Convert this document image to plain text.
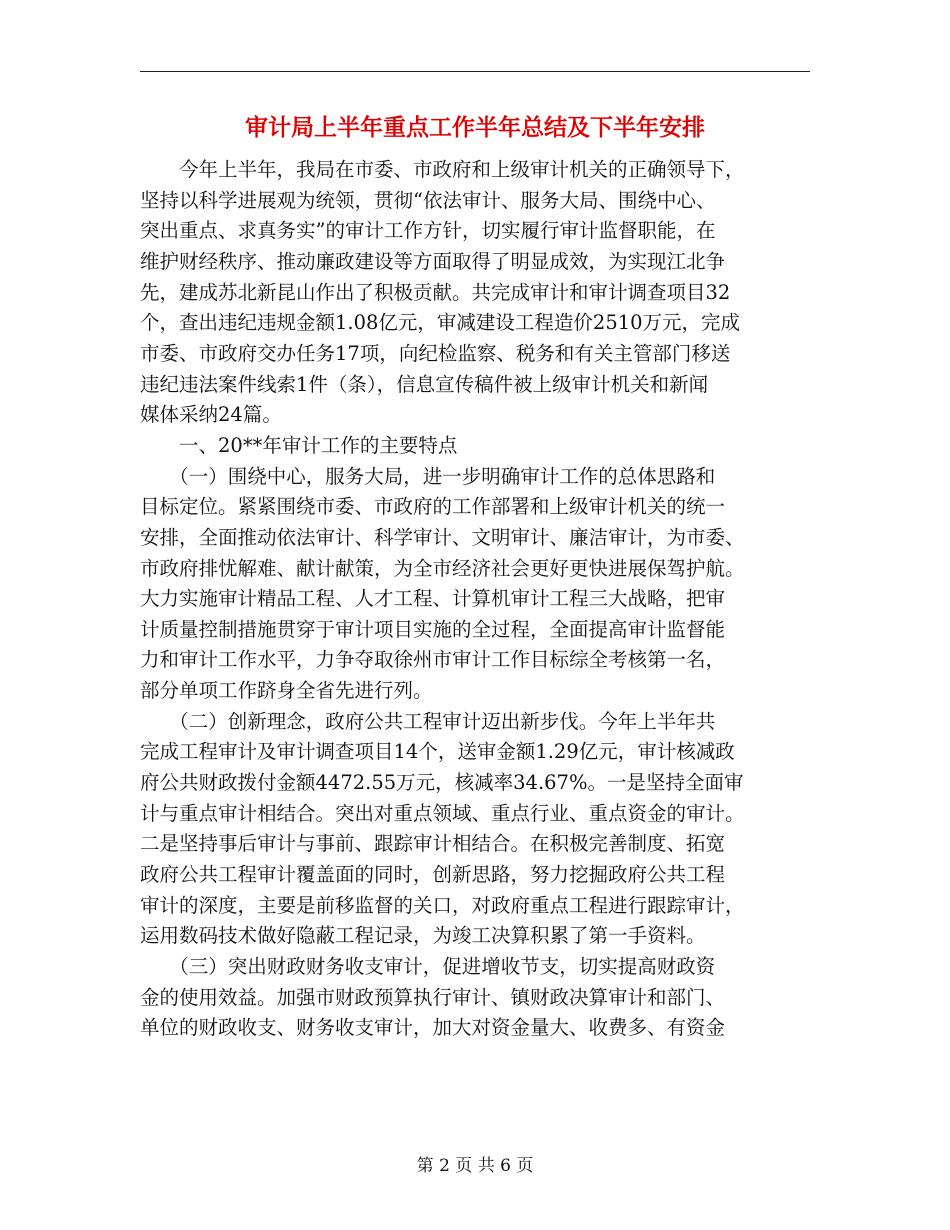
审计局上半年重点工作半年总结及下半年安排
　　今年上半年，我局在市委、市政府和上级审计机关的正确领导下，
坚持以科学进展观为统领，贯彻“依法审计、服务大局、围绕中心、
突出重点、求真务实”的审计工作方针，切实履行审计监督职能，在
维护财经秩序、推动廉政建设等方面取得了明显成效，为实现江北争
先，建成苏北新昆山作出了积极贡献。共完成审计和审计调查项目32
个，查出违纪违规金额1.08亿元，审减建设工程造价2510万元，完成
市委、市政府交办任务17项，向纪检监察、税务和有关主管部门移送
违纪违法案件线索1件（条），信息宣传稿件被上级审计机关和新闻
媒体采纳24篇。
　　一、20**年审计工作的主要特点
　　（一）围绕中心，服务大局，进一步明确审计工作的总体思路和
目标定位。紧紧围绕市委、市政府的工作部署和上级审计机关的统一
安排，全面推动依法审计、科学审计、文明审计、廉洁审计，为市委、
市政府排忧解难、献计献策，为全市经济社会更好更快进展保驾护航。
大力实施审计精品工程、人才工程、计算机审计工程三大战略，把审
计质量控制措施贯穿于审计项目实施的全过程，全面提高审计监督能
力和审计工作水平，力争夺取徐州市审计工作目标综全考核第一名，
部分单项工作跻身全省先进行列。
　　（二）创新理念，政府公共工程审计迈出新步伐。今年上半年共
完成工程审计及审计调查项目14个，送审金额1.29亿元，审计核减政
府公共财政拨付金额4472.55万元，核减率34.67%。一是坚持全面审
计与重点审计相结合。突出对重点领域、重点行业、重点资金的审计。
二是坚持事后审计与事前、跟踪审计相结合。在积极完善制度、拓宽
政府公共工程审计覆盖面的同时，创新思路，努力挖掘政府公共工程
审计的深度，主要是前移监督的关口，对政府重点工程进行跟踪审计，
运用数码技术做好隐蔽工程记录，为竣工决算积累了第一手资料。
　　（三）突出财政财务收支审计，促进增收节支，切实提高财政资
金的使用效益。加强市财政预算执行审计、镇财政决算审计和部门、
单位的财政收支、财务收支审计，加大对资金量大、收费多、有资金
第 2 页 共 6 页
